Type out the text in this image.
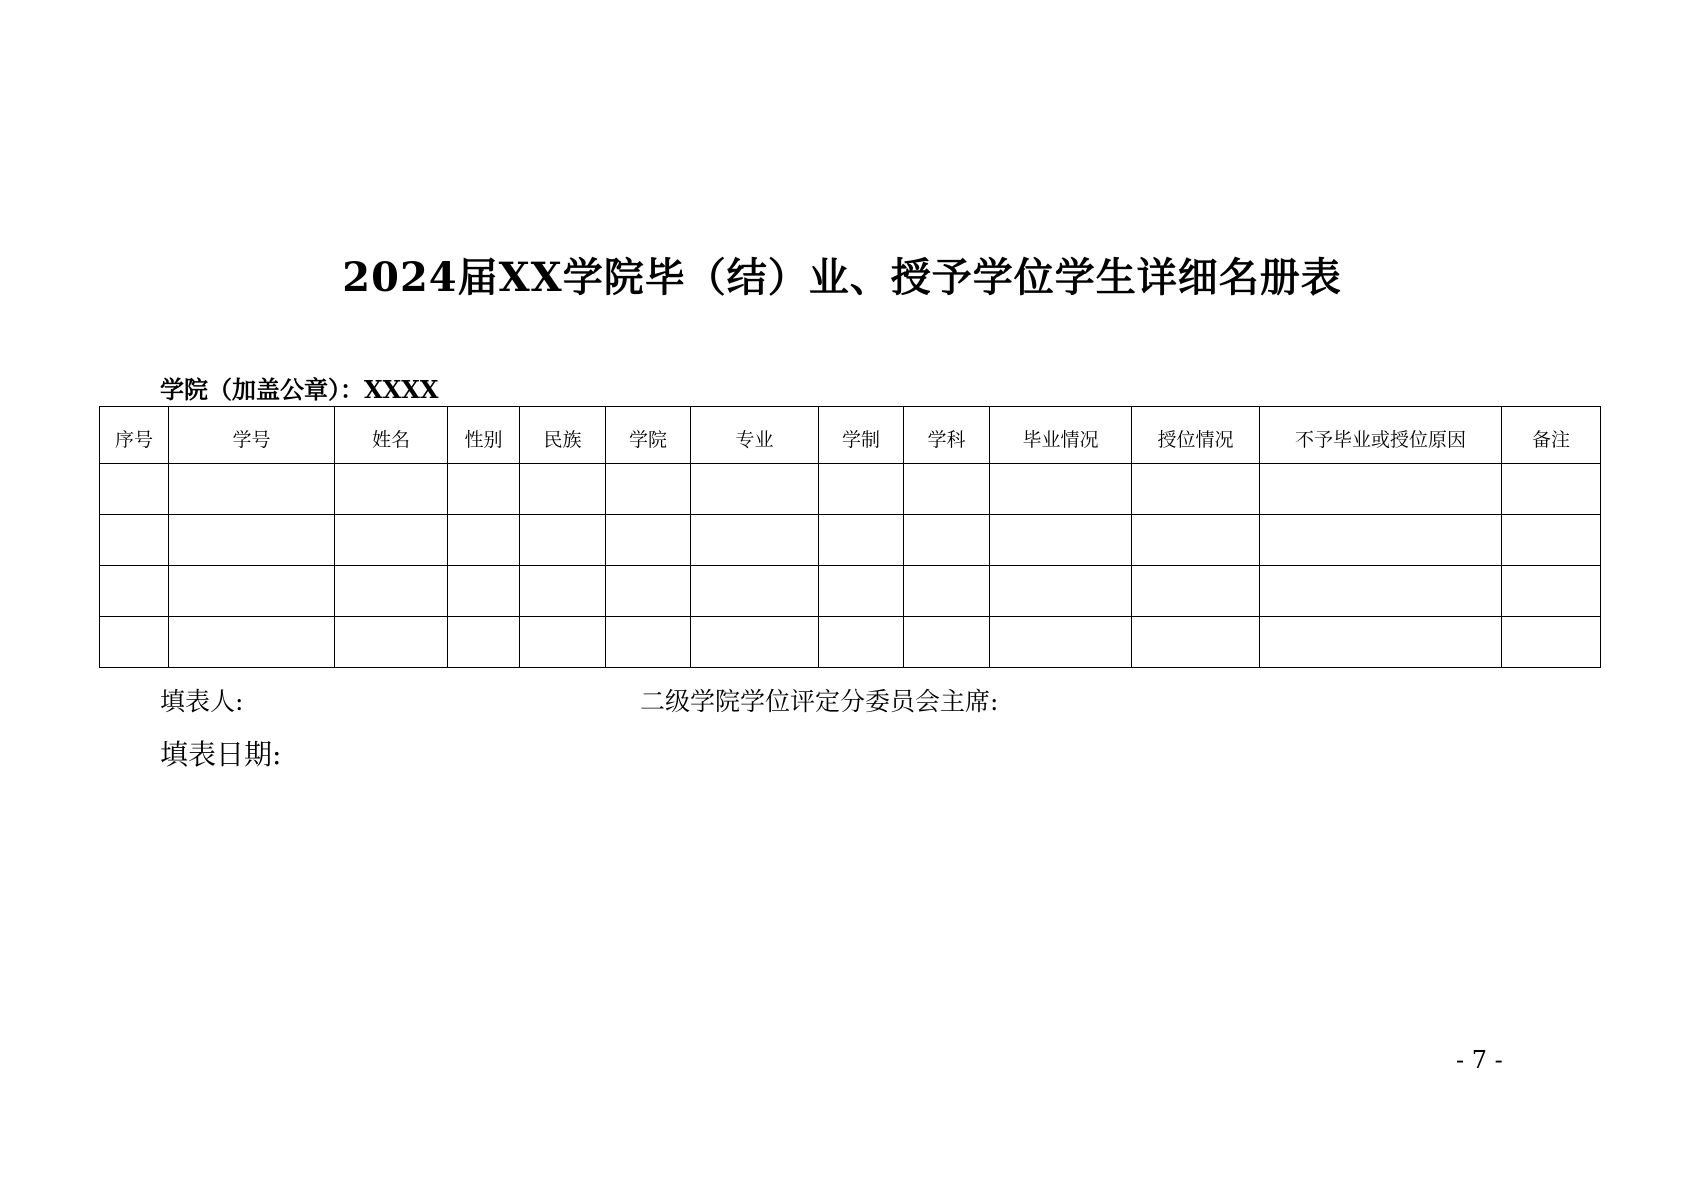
2024届XX学院毕（结）业、授予学位学生详细名册表
学院（加盖公章）：XXXX
序号	学号	姓名	性别	民族	学院	专业	学制	学科	毕业情况	授位情况	不予毕业或授位原因	备注

填表人:	二级学院学位评定分委员会主席:
填表日期:
- 7 -
